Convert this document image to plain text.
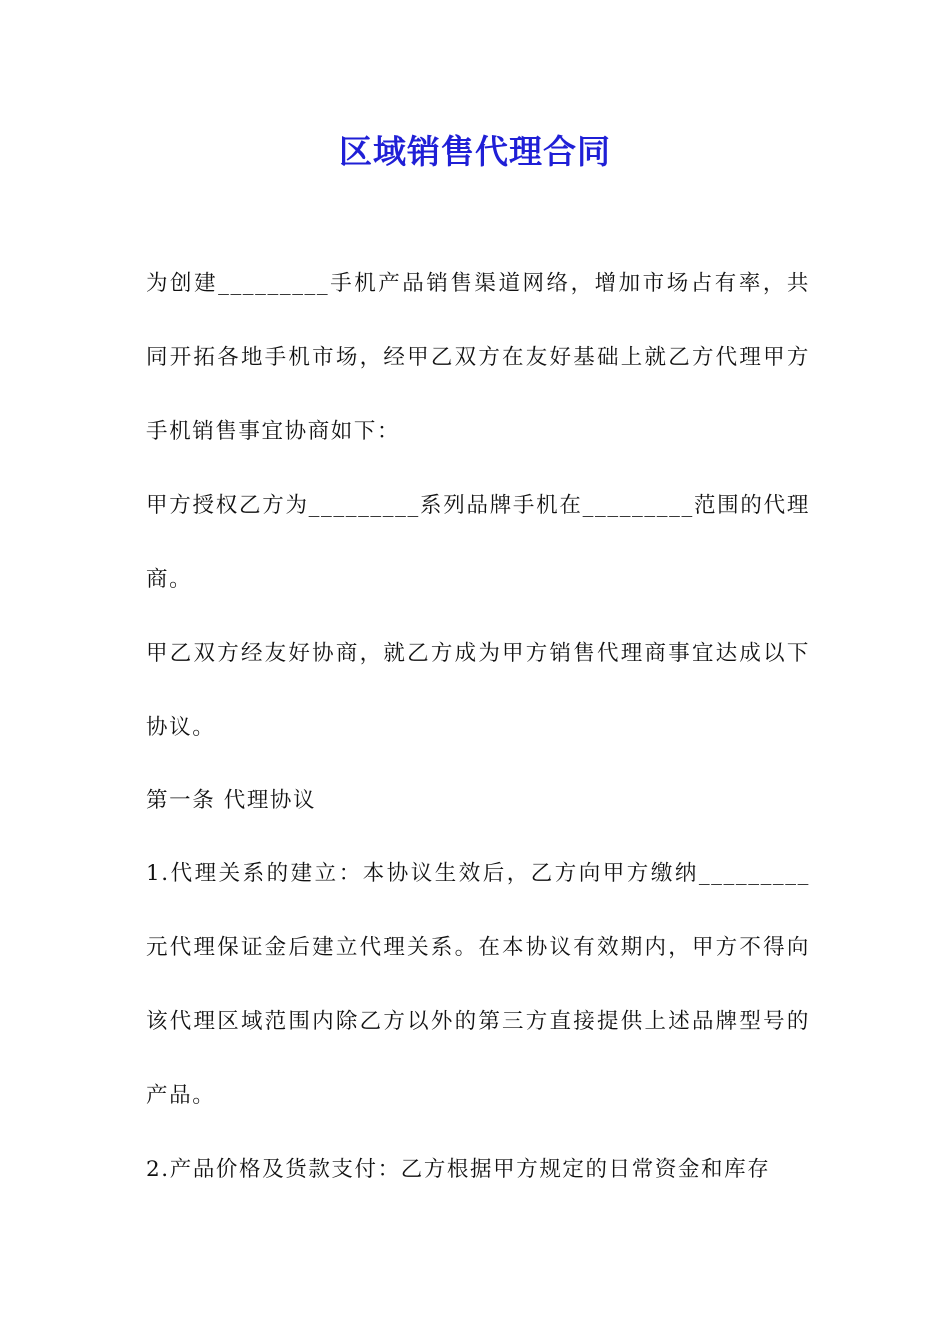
区域销售代理合同

为创建_________手机产品销售渠道网络，增加市场占有率，共同开拓各地手机市场，经甲乙双方在友好基础上就乙方代理甲方手机销售事宜协商如下：

甲方授权乙方为_________系列品牌手机在_________范围的代理商。

甲乙双方经友好协商，就乙方成为甲方销售代理商事宜达成以下协议。

第一条 代理协议

1.代理关系的建立：本协议生效后，乙方向甲方缴纳_________元代理保证金后建立代理关系。在本协议有效期内，甲方不得向该代理区域范围内除乙方以外的第三方直接提供上述品牌型号的产品。

2.产品价格及货款支付：乙方根据甲方规定的日常资金和库存
